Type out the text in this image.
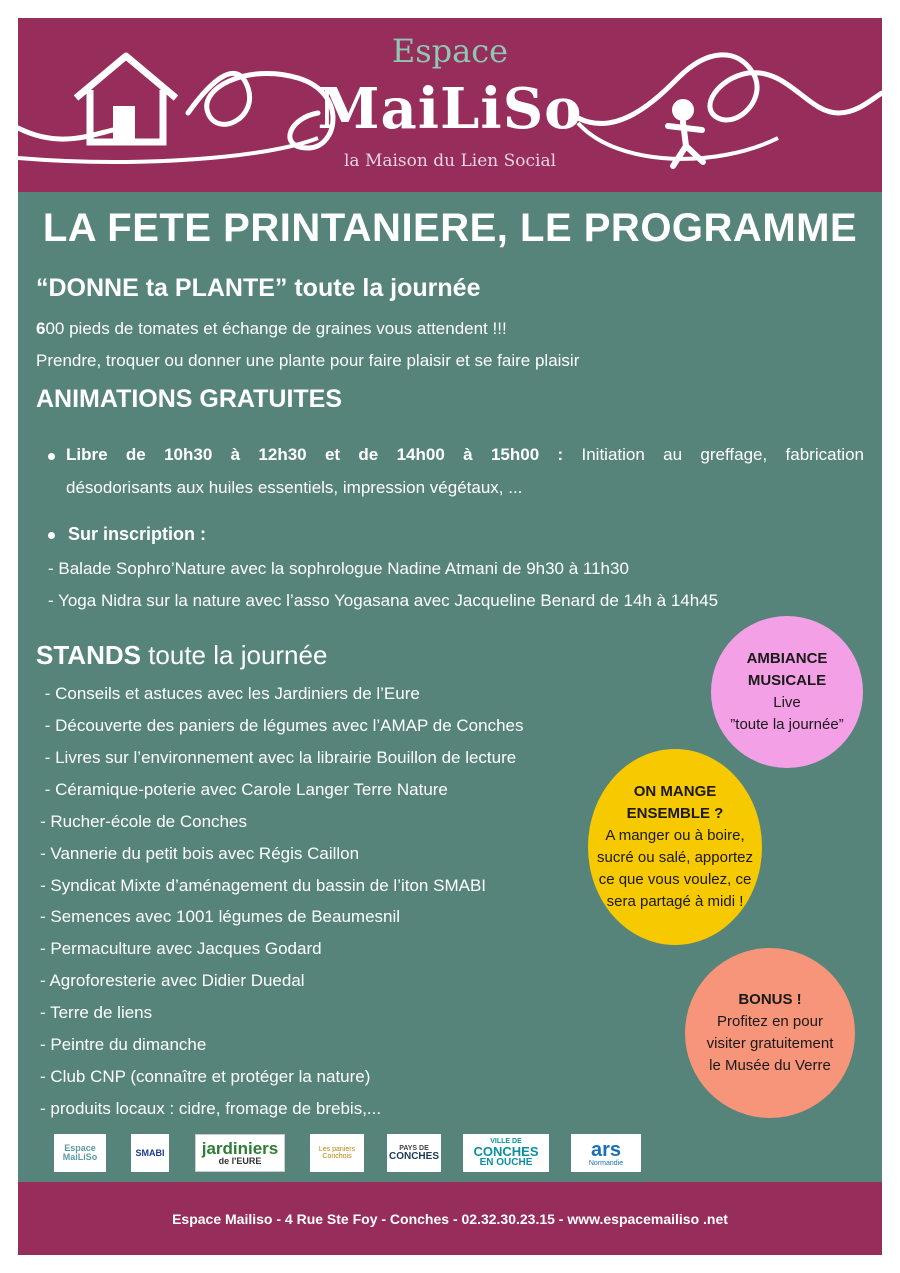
Espace
MaiLiSo
la Maison du Lien Social
LA FETE PRINTANIERE, LE PROGRAMME
“DONNE ta PLANTE” toute la journée
600 pieds de tomates et échange de graines vous attendent !!!
Prendre, troquer ou donner une plante pour faire plaisir et se faire plaisir
ANIMATIONS GRATUITES
Libre de 10h30 à 12h30 et de 14h00 à 15h00 : Initiation au greffage, fabrication
désodorisants aux huiles essentiels, impression végétaux, ...
Sur inscription :
- Balade Sophro’Nature avec la sophrologue Nadine Atmani de 9h30 à 11h30
- Yoga Nidra sur la nature avec l’asso Yogasana avec Jacqueline Benard de 14h à 14h45
STANDS toute la journée
- Conseils et astuces avec les Jardiniers de l’Eure
- Découverte des paniers de légumes avec l’AMAP de Conches
- Livres sur l’environnement avec la librairie Bouillon de lecture
- Céramique-poterie avec Carole Langer Terre Nature
- Rucher-école de Conches
- Vannerie du petit bois avec Régis Caillon
- Syndicat Mixte d’aménagement du bassin de l’iton SMABI
- Semences avec 1001 légumes de Beaumesnil
- Permaculture avec Jacques Godard
- Agroforesterie avec Didier Duedal
- Terre de liens
- Peintre du dimanche
- Club CNP (connaître et protéger la nature)
- produits locaux : cidre, fromage de brebis,...
AMBIANCE
MUSICALE
Live
”toute la journée”
ON MANGE
ENSEMBLE ?
A manger ou à boire,
sucré ou salé, apportez
ce que vous voulez, ce
sera partagé à midi !
BONUS !
Profitez en pour
visiter gratuitement
le Musée du Verre
Espace MaiLiSo	SMABI jardiniers
de l'EURE
Les paniers Conchois
PAYS DE
CONCHES
VILLE DE
CONCHES
EN OUCHE
ars
Normandie
Espace Mailiso - 4 Rue Ste Foy - Conches - 02.32.30.23.15 - www.espacemailiso .net
